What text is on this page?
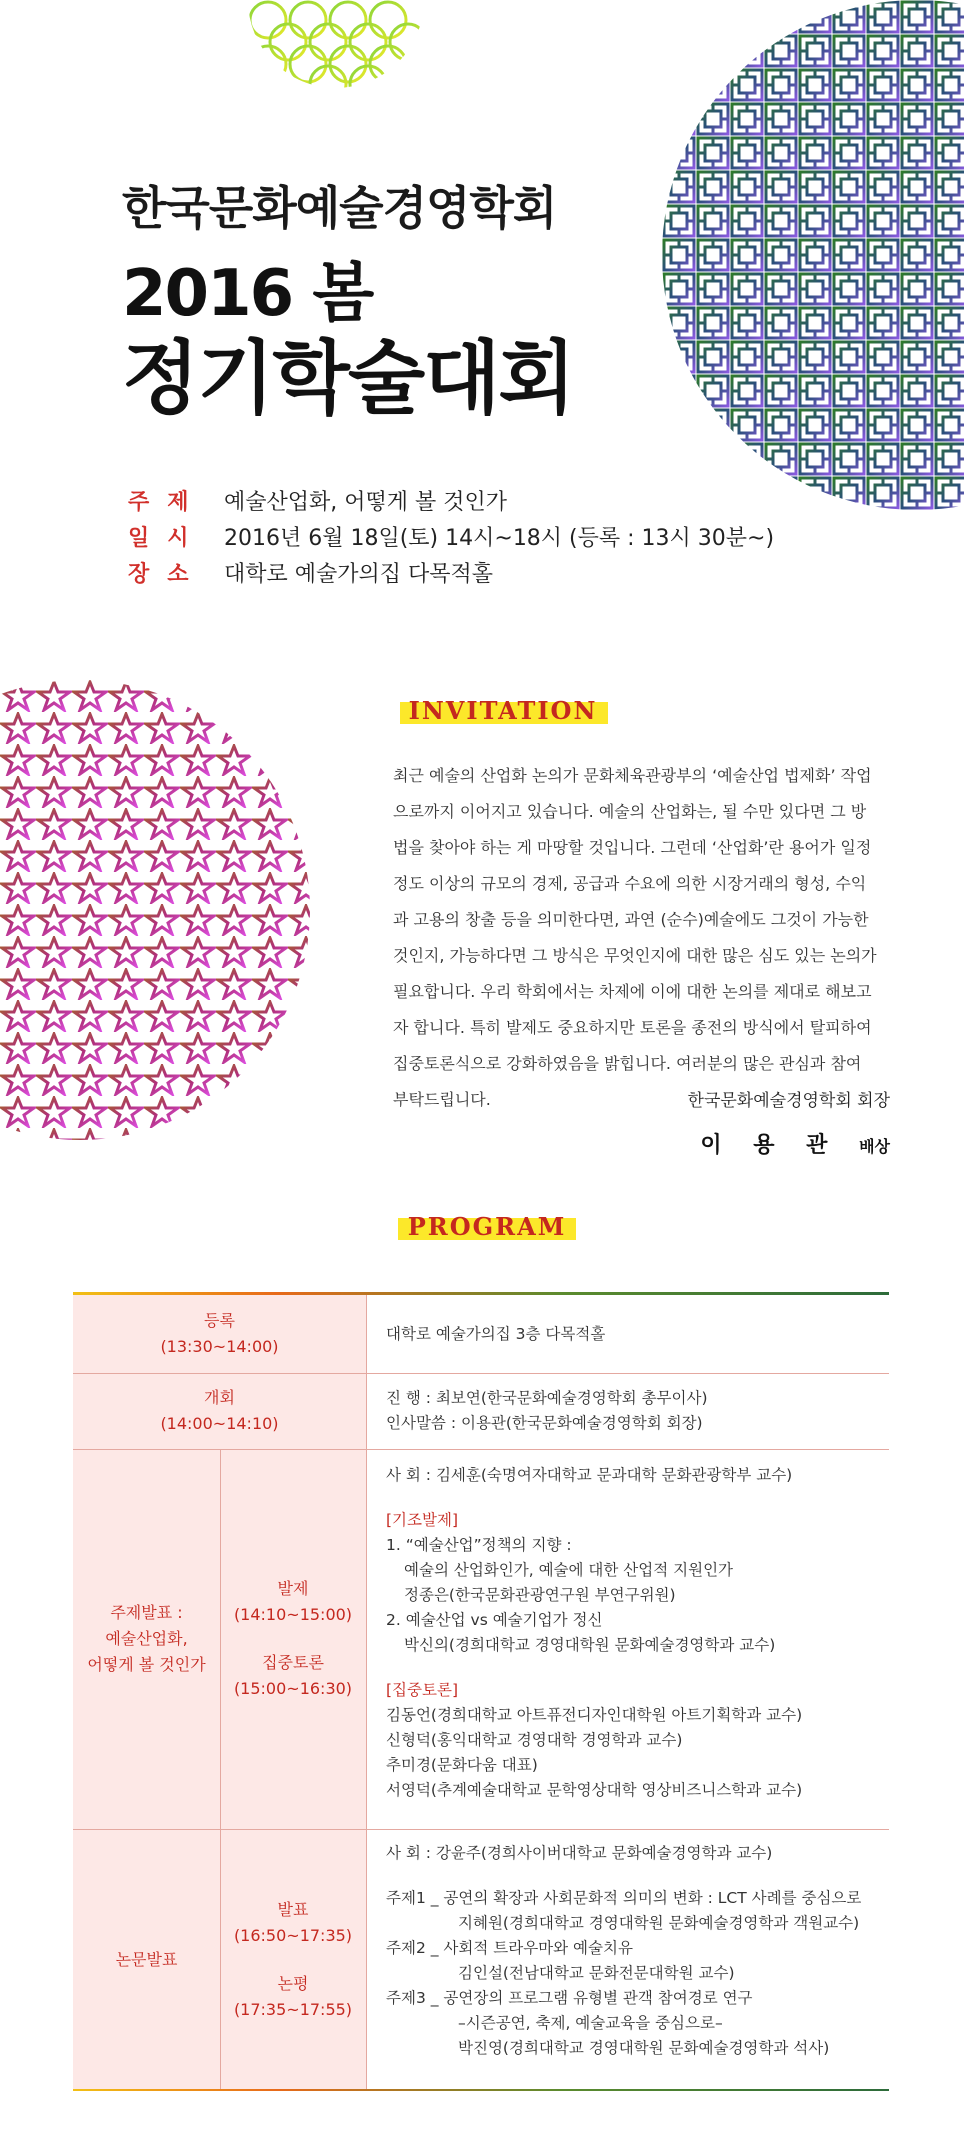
한국문화예술경영학회
2016 봄
정기학술대회
주제 예술산업화, 어떻게 볼 것인가
일시 2016년 6월 18일(토) 14시~18시 (등록 : 13시 30분~)
장소 대학로 예술가의집 다목적홀
INVITATION
최근 예술의 산업화 논의가 문화체육관광부의 ‘예술산업 법제화’ 작업
으로까지 이어지고 있습니다. 예술의 산업화는, 될 수만 있다면 그 방
법을 찾아야 하는 게 마땅할 것입니다. 그런데 ‘산업화’란 용어가 일정
정도 이상의 규모의 경제, 공급과 수요에 의한 시장거래의 형성, 수익
과 고용의 창출 등을 의미한다면, 과연 (순수)예술에도 그것이 가능한
것인지, 가능하다면 그 방식은 무엇인지에 대한 많은 심도 있는 논의가
필요합니다. 우리 학회에서는 차제에 이에 대한 논의를 제대로 해보고
자 합니다. 특히 발제도 중요하지만 토론을 종전의 방식에서 탈피하여
집중토론식으로 강화하였음을 밝힙니다. 여러분의 많은 관심과 참여
부탁드립니다.	한국문화예술경영학회 회장
이 용 관 배상
PROGRAM
등록
(13:30~14:00)
대학로 예술가의집 3층 다목적홀
개회
(14:00~14:10)
진 행 : 최보연(한국문화예술경영학회 총무이사)
인사말씀 : 이용관(한국문화예술경영학회 회장)
주제발표 :
예술산업화,
어떻게 볼 것인가
발제
(14:10~15:00)
집중토론
(15:00~16:30)
사 회 : 김세훈(숙명여자대학교 문과대학 문화관광학부 교수)
[기조발제]
1. “예술산업”정책의 지향 :
예술의 산업화인가, 예술에 대한 산업적 지원인가
정종은(한국문화관광연구원 부연구위원)
2. 예술산업 vs 예술기업가 정신
박신의(경희대학교 경영대학원 문화예술경영학과 교수)
[집중토론]
김동언(경희대학교 아트퓨전디자인대학원 아트기획학과 교수)
신형덕(홍익대학교 경영대학 경영학과 교수)
추미경(문화다움 대표)
서영덕(추계예술대학교 문학영상대학 영상비즈니스학과 교수)
논문발표
발표
(16:50~17:35)
논평
(17:35~17:55)
사 회 : 강윤주(경희사이버대학교 문화예술경영학과 교수)
주제1 _ 공연의 확장과 사회문화적 의미의 변화 : LCT 사례를 중심으로
지혜원(경희대학교 경영대학원 문화예술경영학과 객원교수)
주제2 _ 사회적 트라우마와 예술치유
김인설(전남대학교 문화전문대학원 교수)
주제3 _ 공연장의 프로그램 유형별 관객 참여경로 연구
–시즌공연, 축제, 예술교육을 중심으로–
박진영(경희대학교 경영대학원 문화예술경영학과 석사)
